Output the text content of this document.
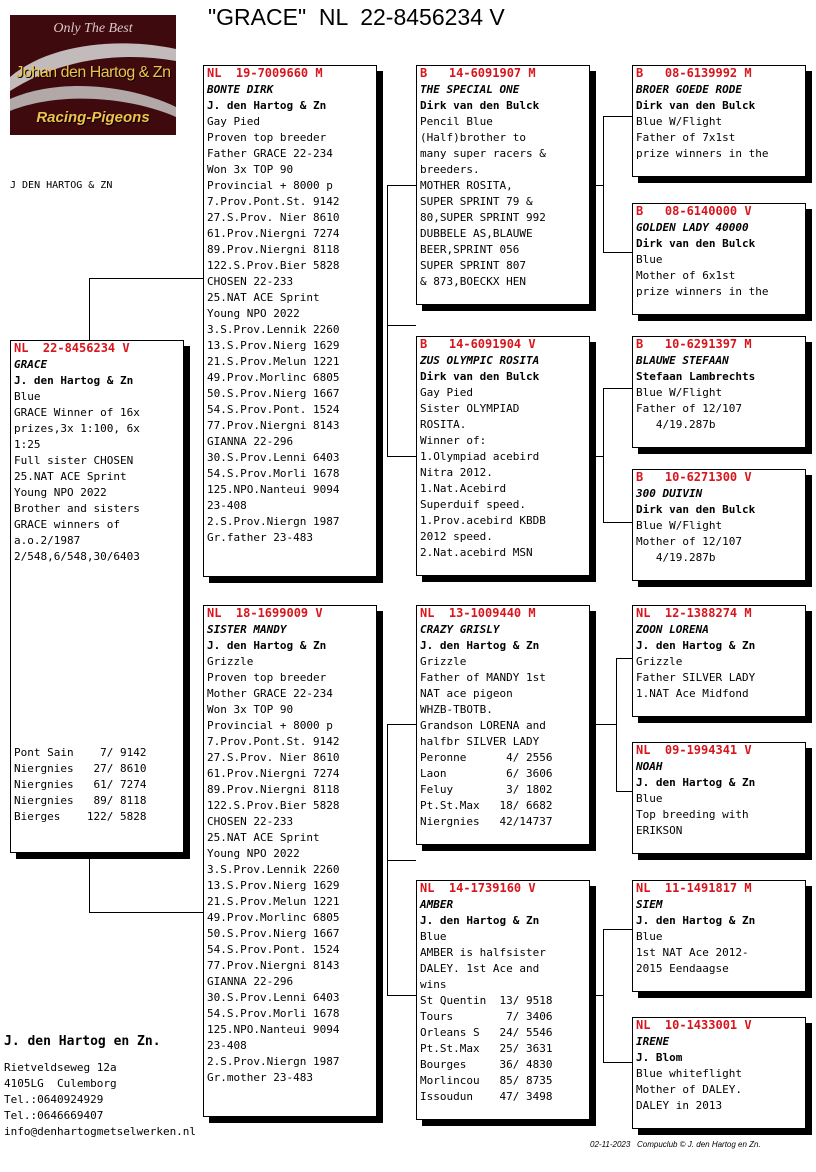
"GRACE"  NL  22-8456234 V
Only The Best
Johan den Hartog & Zn
Racing-Pigeons
J DEN HARTOG & ZN
NL  22-8456234 V
GRACE
J. den Hartog & Zn
Blue
GRACE Winner of 16x
prizes,3x 1:100, 6x
1:25
Full sister CHOSEN
25.NAT ACE Sprint
Young NPO 2022
Brother and sisters
GRACE winners of
a.o.2/1987
2/548,6/548,30/6403
Pont Sain    7/ 9142
Niergnies   27/ 8610
Niergnies   61/ 7274
Niergnies   89/ 8118
Bierges    122/ 5828
NL  19-7009660 M
BONTE DIRK
J. den Hartog & Zn
Gay Pied
Proven top breeder
Father GRACE 22-234
Won 3x TOP 90
Provincial + 8000 p
7.Prov.Pont.St. 9142
27.S.Prov. Nier 8610
61.Prov.Niergni 7274
89.Prov.Niergni 8118
122.S.Prov.Bier 5828
CHOSEN 22-233
25.NAT ACE Sprint
Young NPO 2022
3.S.Prov.Lennik 2260
13.S.Prov.Nierg 1629
21.S.Prov.Melun 1221
49.Prov.Morlinc 6805
50.S.Prov.Nierg 1667
54.S.Prov.Pont. 1524
77.Prov.Niergni 8143
GIANNA 22-296
30.S.Prov.Lenni 6403
54.S.Prov.Morli 1678
125.NPO.Nanteui 9094
23-408
2.S.Prov.Niergn 1987
Gr.father 23-483
NL  18-1699009 V
SISTER MANDY
J. den Hartog & Zn
Grizzle
Proven top breeder
Mother GRACE 22-234
Won 3x TOP 90
Provincial + 8000 p
7.Prov.Pont.St. 9142
27.S.Prov. Nier 8610
61.Prov.Niergni 7274
89.Prov.Niergni 8118
122.S.Prov.Bier 5828
CHOSEN 22-233
25.NAT ACE Sprint
Young NPO 2022
3.S.Prov.Lennik 2260
13.S.Prov.Nierg 1629
21.S.Prov.Melun 1221
49.Prov.Morlinc 6805
50.S.Prov.Nierg 1667
54.S.Prov.Pont. 1524
77.Prov.Niergni 8143
GIANNA 22-296
30.S.Prov.Lenni 6403
54.S.Prov.Morli 1678
125.NPO.Nanteui 9094
23-408
2.S.Prov.Niergn 1987
Gr.mother 23-483
B   14-6091907 M
THE SPECIAL ONE
Dirk van den Bulck
Pencil Blue
(Half)brother to
many super racers &
breeders.
MOTHER ROSITA,
SUPER SPRINT 79 &
80,SUPER SPRINT 992
DUBBELE AS,BLAUWE
BEER,SPRINT 056
SUPER SPRINT 807
& 873,BOECKX HEN
B   14-6091904 V
ZUS OLYMPIC ROSITA
Dirk van den Bulck
Gay Pied
Sister OLYMPIAD
ROSITA.
Winner of:
1.Olympiad acebird
Nitra 2012.
1.Nat.Acebird
Superduif speed.
1.Prov.acebird KBDB
2012 speed.
2.Nat.acebird MSN
NL  13-1009440 M
CRAZY GRISLY
J. den Hartog & Zn
Grizzle
Father of MANDY 1st
NAT ace pigeon
WHZB-TBOTB.
Grandson LORENA and
halfbr SILVER LADY
Peronne      4/ 2556
Laon         6/ 3606
Feluy        3/ 1802
Pt.St.Max   18/ 6682
Niergnies   42/14737
NL  14-1739160 V
AMBER
J. den Hartog & Zn
Blue
AMBER is halfsister
DALEY. 1st Ace and
wins
St Quentin  13/ 9518
Tours        7/ 3406
Orleans S   24/ 5546
Pt.St.Max   25/ 3631
Bourges     36/ 4830
Morlincou   85/ 8735
Issoudun    47/ 3498
B   08-6139992 M
BROER GOEDE RODE
Dirk van den Bulck
Blue W/Flight
Father of 7x1st
prize winners in the
B   08-6140000 V
GOLDEN LADY 40000
Dirk van den Bulck
Blue
Mother of 6x1st
prize winners in the
B   10-6291397 M
BLAUWE STEFAAN
Stefaan Lambrechts
Blue W/Flight
Father of 12/107
4/19.287b
B   10-6271300 V
300 DUIVIN
Dirk van den Bulck
Blue W/Flight
Mother of 12/107
4/19.287b
NL  12-1388274 M
ZOON LORENA
J. den Hartog & Zn
Grizzle
Father SILVER LADY
1.NAT Ace Midfond
NL  09-1994341 V
NOAH
J. den Hartog & Zn
Blue
Top breeding with
ERIKSON
NL  11-1491817 M
SIEM
J. den Hartog & Zn
Blue
1st NAT Ace 2012-
2015 Eendaagse
NL  10-1433001 V
IRENE
J. Blom
Blue whiteflight
Mother of DALEY.
DALEY in 2013
J. den Hartog en Zn.
Rietveldseweg 12a
4105LG  Culemborg
Tel.:0640924929
Tel.:0646669407
info@denhartogmetselwerken.nl
02-11-2023   Compuclub © J. den Hartog en Zn.
